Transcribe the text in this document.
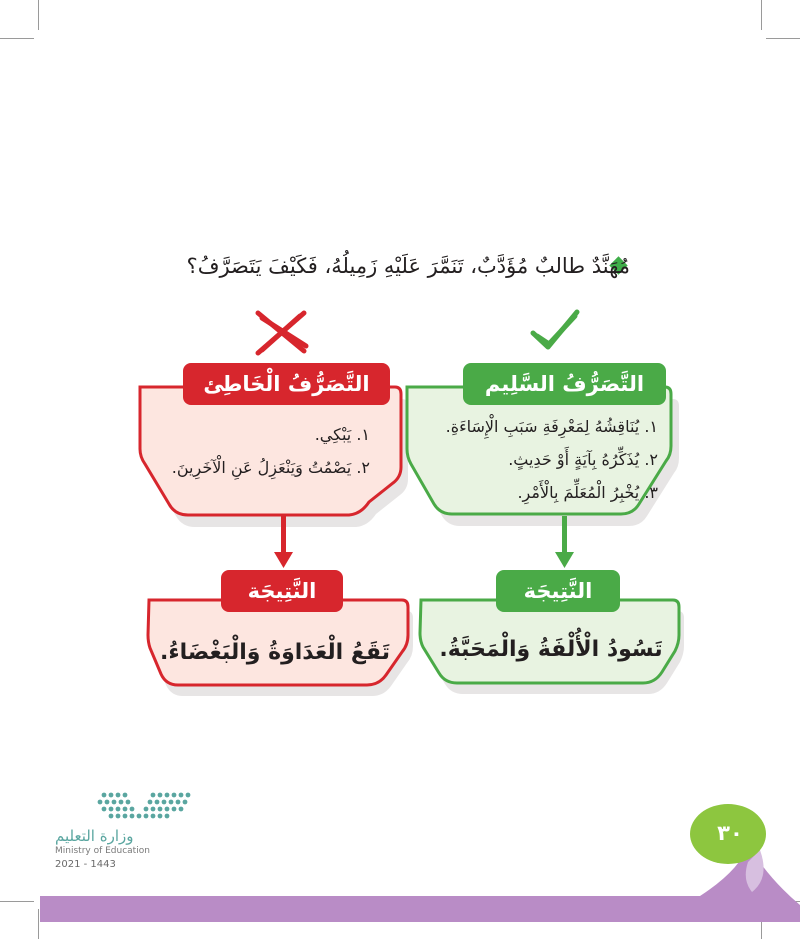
مُهَنَّدٌ طالبٌ مُؤَدَّبٌ، تَنَمَّرَ عَلَيْهِ زَمِيلُهُ، فَكَيْفَ يَتَصَرَّفُ؟
التَّصَرُّفُ الْخَاطِئ	التَّصَرُّفُ السَّلِيم
١. يَبْكِي.
٢. يَصْمُتُ وَيَنْعَزِلُ عَنِ الْآخَرِينَ.
١. يُنَاقِشُهُ لِمَعْرِفَةِ سَبَبِ الْإِسَاءَةِ.
٢. يُذَكِّرُهُ بِآيَةٍ أَوْ حَدِيثٍ.
٣. يُخْبِرُ الْمُعَلِّمَ بِالْأَمْرِ.
النَّتِيجَة	النَّتِيجَة
تَقَعُ الْعَدَاوَةُ وَالْبَغْضَاءُ. تَسُودُ الْأُلْفَةُ وَالْمَحَبَّةُ.
وزارة التعليم
Ministry of Education
2021 - 1443
٣٠
